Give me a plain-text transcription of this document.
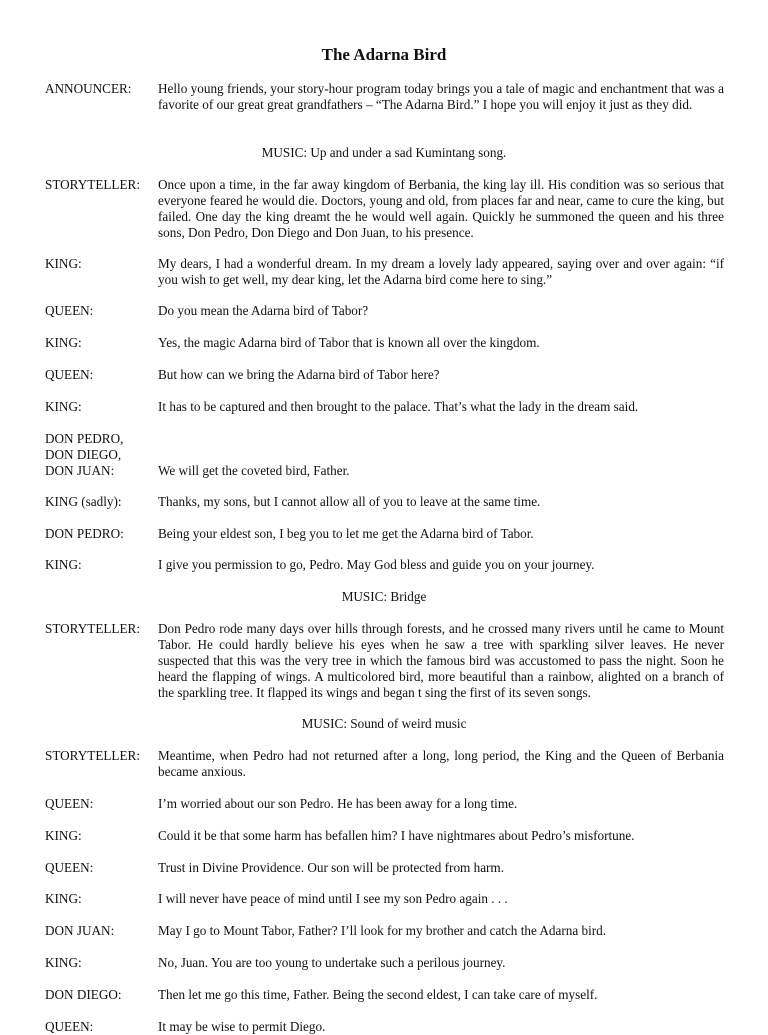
The Adarna Bird
ANNOUNCER:	Hello young friends, your story-hour program today brings you a tale of magic and enchantment that was a favorite of our great great grandfathers – “The Adarna Bird.” I hope you will enjoy it just as they did.
MUSIC: Up and under a sad Kumintang song.
STORYTELLER:	Once upon a time, in the far away kingdom of Berbania, the king lay ill. His condition was so serious that everyone feared he would die. Doctors, young and old, from places far and near, came to cure the king, but failed. One day the king dreamt the he would well again. Quickly he summoned the queen and his three sons, Don Pedro, Don Diego and Don Juan, to his presence.
KING:	My dears, I had a wonderful dream. In my dream a lovely lady appeared, saying over and over again: “if you wish to get well, my dear king, let the Adarna bird come here to sing.”
QUEEN:	Do you mean the Adarna bird of Tabor?
KING:	Yes, the magic Adarna bird of Tabor that is known all over the kingdom.
QUEEN:	But how can we bring the Adarna bird of Tabor here?
KING:	It has to be captured and then brought to the palace. That’s what the lady in the dream said.
DON PEDRO,
DON DIEGO,
DON JUAN:	We will get the coveted bird, Father.
KING (sadly):	Thanks, my sons, but I cannot allow all of you to leave at the same time.
DON PEDRO:	Being your eldest son, I beg you to let me get the Adarna bird of Tabor.
KING:	I give you permission to go, Pedro. May God bless and guide you on your journey.
MUSIC: Bridge
STORYTELLER:	Don Pedro rode many days over hills through forests, and he crossed many rivers until he came to Mount Tabor. He could hardly believe his eyes when he saw a tree with sparkling silver leaves. He never suspected that this was the very tree in which the famous bird was accustomed to pass the night. Soon he heard the flapping of wings. A multicolored bird, more beautiful than a rainbow, alighted on a branch of the sparkling tree. It flapped its wings and began t sing the first of its seven songs.
MUSIC: Sound of weird music
STORYTELLER:	Meantime, when Pedro had not returned after a long, long period, the King and the Queen of Berbania became anxious.
QUEEN:	I’m worried about our son Pedro. He has been away for a long time.
KING:	Could it be that some harm has befallen him? I have nightmares about Pedro’s misfortune.
QUEEN:	Trust in Divine Providence. Our son will be protected from harm.
KING:	I will never have peace of mind until I see my son Pedro again . . .
DON JUAN:	May I go to Mount Tabor, Father? I’ll look for my brother and catch the Adarna bird.
KING:	No, Juan. You are too young to undertake such a perilous journey.
DON DIEGO:	Then let me go this time, Father. Being the second eldest, I can take care of myself.
QUEEN:	It may be wise to permit Diego.
